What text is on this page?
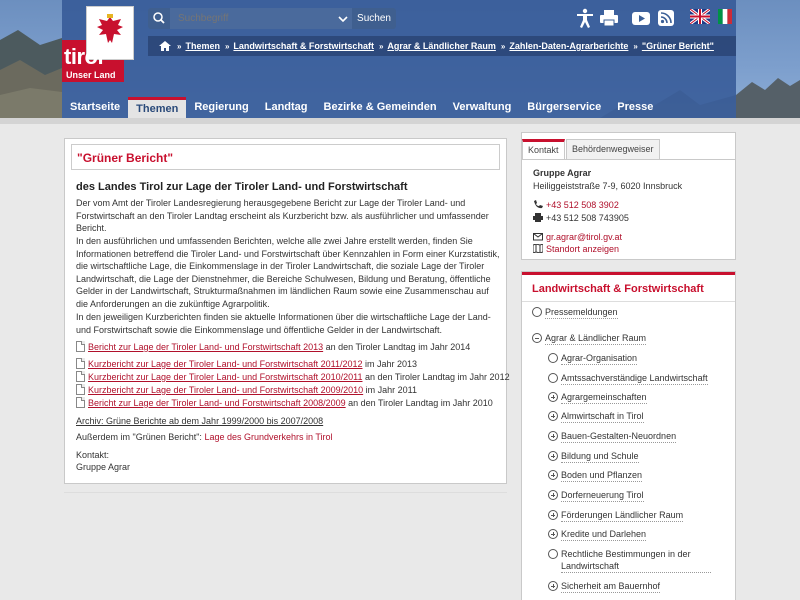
tirol
Unser Land
Suchbegriff
Suchen
» Themen » Landwirtschaft & Forstwirtschaft » Agrar & Ländlicher Raum » Zahlen-Daten-Agrarberichte » "Grüner Bericht"
Startseite	Themen	Regierung	Landtag	Bezirke & Gemeinden	Verwaltung	Bürgerservice	Presse
"Grüner Bericht"
des Landes Tirol zur Lage der Tiroler Land- und Forstwirtschaft

Der vom Amt der Tiroler Landesregierung herausgegebene Bericht zur Lage der Tiroler Land- und Forstwirtschaft an den Tiroler Landtag erscheint als Kurzbericht bzw. als ausführlicher und umfassender Bericht.

In den ausführlichen und umfassenden Berichten, welche alle zwei Jahre erstellt werden, finden Sie Informationen betreffend die Tiroler Land- und Forstwirtschaft über Kennzahlen in Form einer Kurzstatistik, die wirtschaftliche Lage, die Einkommenslage in der Tiroler Landwirtschaft, die soziale Lage der Tiroler Landwirtschaft, die Lage der Dienstnehmer, die Bereiche Schulwesen, Bildung und Beratung, öffentliche Gelder in der Landwirtschaft, Strukturmaßnahmen im ländlichen Raum sowie eine Zusammenschau auf die Anforderungen an die zukünftige Agrarpolitik.

In den jeweiligen Kurzberichten finden sie aktuelle Informationen über die wirtschaftliche Lage der Land- und Forstwirtschaft sowie die Einkommenslage und öffentliche Gelder in der Landwirtschaft.

Bericht zur Lage der Tiroler Land- und Forstwirtschaft 2013 an den Tiroler Landtag im Jahr 2014
Kurzbericht zur Lage der Tiroler Land- und Forstwirtschaft 2011/2012 im Jahr 2013
Kurzbericht zur Lage der Tiroler Land- und Forstwirtschaft 2010/2011 an den Tiroler Landtag im Jahr 2012
Kurzbericht zur Lage der Tiroler Land- und Forstwirtschaft 2009/2010 im Jahr 2011
Bericht zur Lage der Tiroler Land- und Forstwirtschaft 2008/2009 an den Tiroler Landtag im Jahr 2010
Archiv: Grüne Berichte ab dem Jahr 1999/2000 bis 2007/2008
Außerdem im "Grünen Bericht": Lage des Grundverkehrs in Tirol
Kontakt:
Gruppe Agrar
Kontakt	Behördenwegweiser
Gruppe Agrar
Heiliggeiststraße 7-9, 6020 Innsbruck
+43 512 508 3902
+43 512 508 743905
gr.agrar@tirol.gv.at
Standort anzeigen
Landwirtschaft & Forstwirtschaft
Pressemeldungen
Agrar & Ländlicher Raum
Agrar-Organisation
Amtssachverständige Landwirtschaft
Agrargemeinschaften
Almwirtschaft in Tirol
Bauen-Gestalten-Neuordnen
Bildung und Schule
Boden und Pflanzen
Dorferneuerung Tirol
Förderungen Ländlicher Raum
Kredite und Darlehen
Rechtliche Bestimmungen in der Landwirtschaft
Sicherheit am Bauernhof
